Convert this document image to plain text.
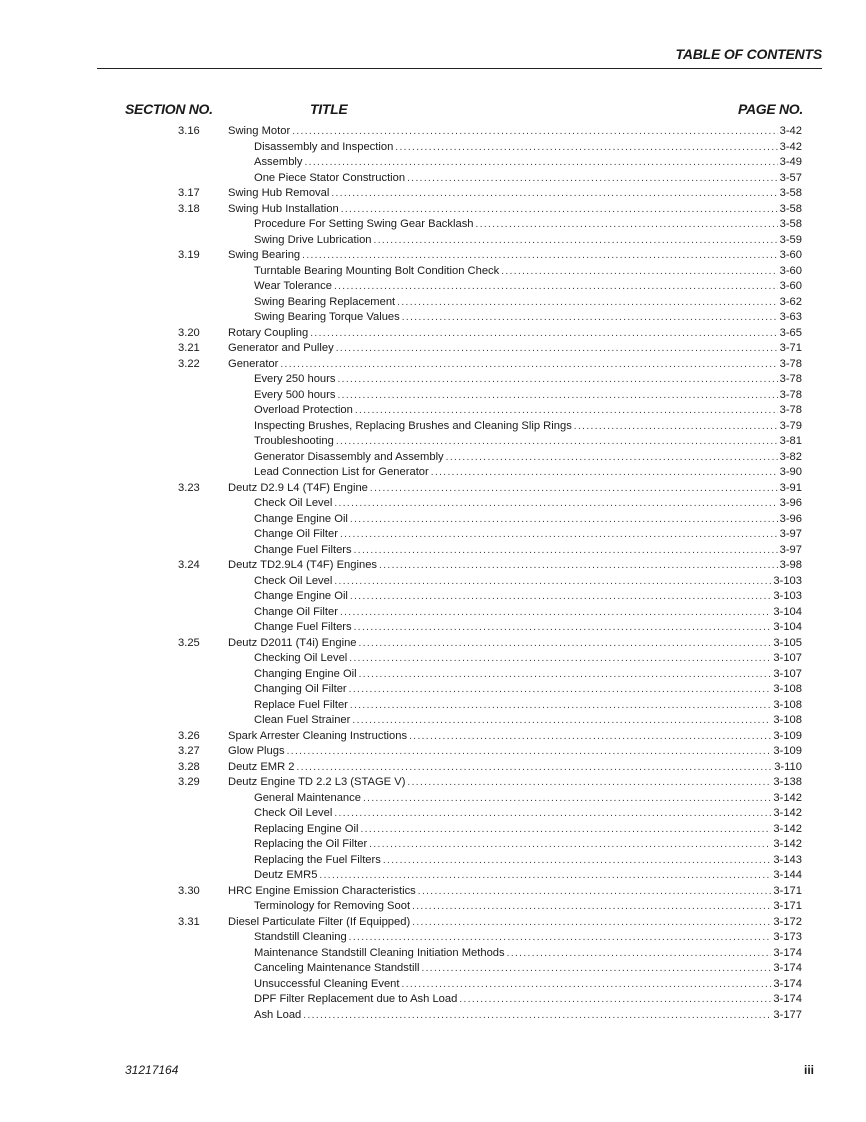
TABLE OF CONTENTS
SECTION NO.	TITLE	PAGE NO.
3.16	Swing Motor .....	3-42
Disassembly and Inspection .....	3-42
Assembly .....	3-49
One Piece Stator Construction .....	3-57
3.17	Swing Hub Removal .....	3-58
3.18	Swing Hub Installation .....	3-58
Procedure For Setting Swing Gear Backlash .....	3-58
Swing Drive Lubrication .....	3-59
3.19	Swing Bearing .....	3-60
Turntable Bearing Mounting Bolt Condition Check .....	3-60
Wear Tolerance .....	3-60
Swing Bearing Replacement .....	3-62
Swing Bearing Torque Values .....	3-63
3.20	Rotary Coupling .....	3-65
3.21	Generator and Pulley .....	3-71
3.22	Generator .....	3-78
Every 250 hours .....	3-78
Every 500 hours .....	3-78
Overload Protection .....	3-78
Inspecting Brushes, Replacing Brushes and Cleaning Slip Rings .....	3-79
Troubleshooting .....	3-81
Generator Disassembly and Assembly .....	3-82
Lead Connection List for Generator .....	3-90
3.23	Deutz D2.9 L4 (T4F) Engine .....	3-91
Check Oil Level .....	3-96
Change Engine Oil .....	3-96
Change Oil Filter .....	3-97
Change Fuel Filters .....	3-97
3.24	Deutz TD2.9L4 (T4F) Engines .....	3-98
Check Oil Level .....	3-103
Change Engine Oil .....	3-103
Change Oil Filter .....	3-104
Change Fuel Filters .....	3-104
3.25	Deutz D2011 (T4i) Engine .....	3-105
Checking Oil Level .....	3-107
Changing Engine Oil .....	3-107
Changing Oil Filter .....	3-108
Replace Fuel Filter .....	3-108
Clean Fuel Strainer .....	3-108
3.26	Spark Arrester Cleaning Instructions .....	3-109
3.27	Glow Plugs .....	3-109
3.28	Deutz EMR 2 .....	3-110
3.29	Deutz Engine TD 2.2 L3 (STAGE V) .....	3-138
General Maintenance .....	3-142
Check Oil Level .....	3-142
Replacing Engine Oil .....	3-142
Replacing the Oil Filter .....	3-142
Replacing the Fuel Filters .....	3-143
Deutz EMR5 .....	3-144
3.30	HRC Engine Emission Characteristics .....	3-171
Terminology for Removing Soot .....	3-171
3.31	Diesel Particulate Filter (If Equipped) .....	3-172
Standstill Cleaning .....	3-173
Maintenance Standstill Cleaning Initiation Methods .....	3-174
Canceling Maintenance Standstill .....	3-174
Unsuccessful Cleaning Event .....	3-174
DPF Filter Replacement due to Ash Load .....	3-174
Ash Load .....	3-177
31217164	iii
